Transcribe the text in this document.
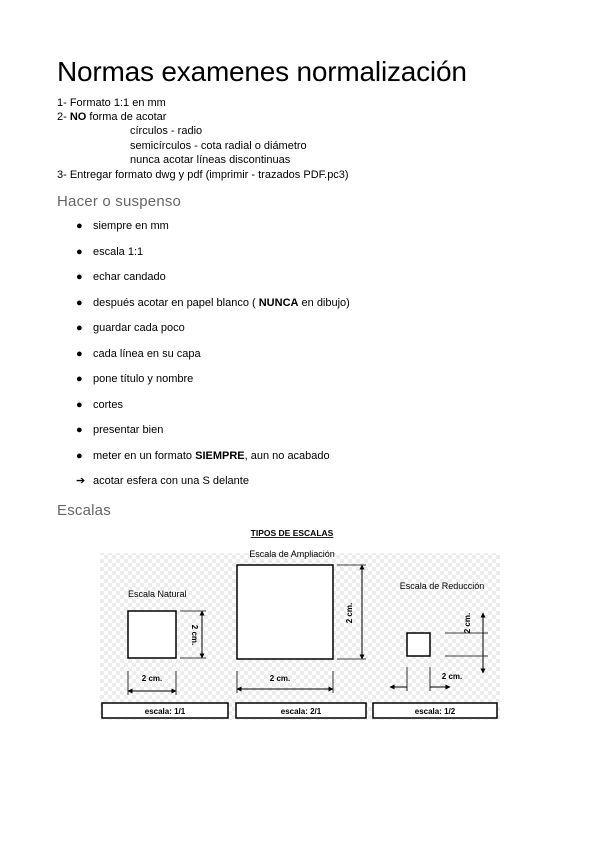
Normas examenes normalización
1- Formato 1:1 en mm
2- NO forma de acotar
círculos - radio
semicírculos - cota radial o diámetro
nunca acotar líneas discontinuas
3- Entregar formato dwg y pdf (imprimir - trazados PDF.pc3)
Hacer o suspenso
● siempre en mm
● escala 1:1
● echar candado
● después acotar en papel blanco ( NUNCA en dibujo)
● guardar cada poco
● cada línea en su capa
● pone título y nombre
● cortes
● presentar bien
● meter en un formato SIEMPRE, aun no acabado
➔ acotar esfera con una S delante
Escalas
TIPOS DE ESCALAS
Escala Natural
2 cm.
2 cm.
Escala de Ampliación
2 cm.
2 cm.
Escala de Reducción
2 cm.
2 cm.
escala: 1/1	escala: 2/1	escala: 1/2
